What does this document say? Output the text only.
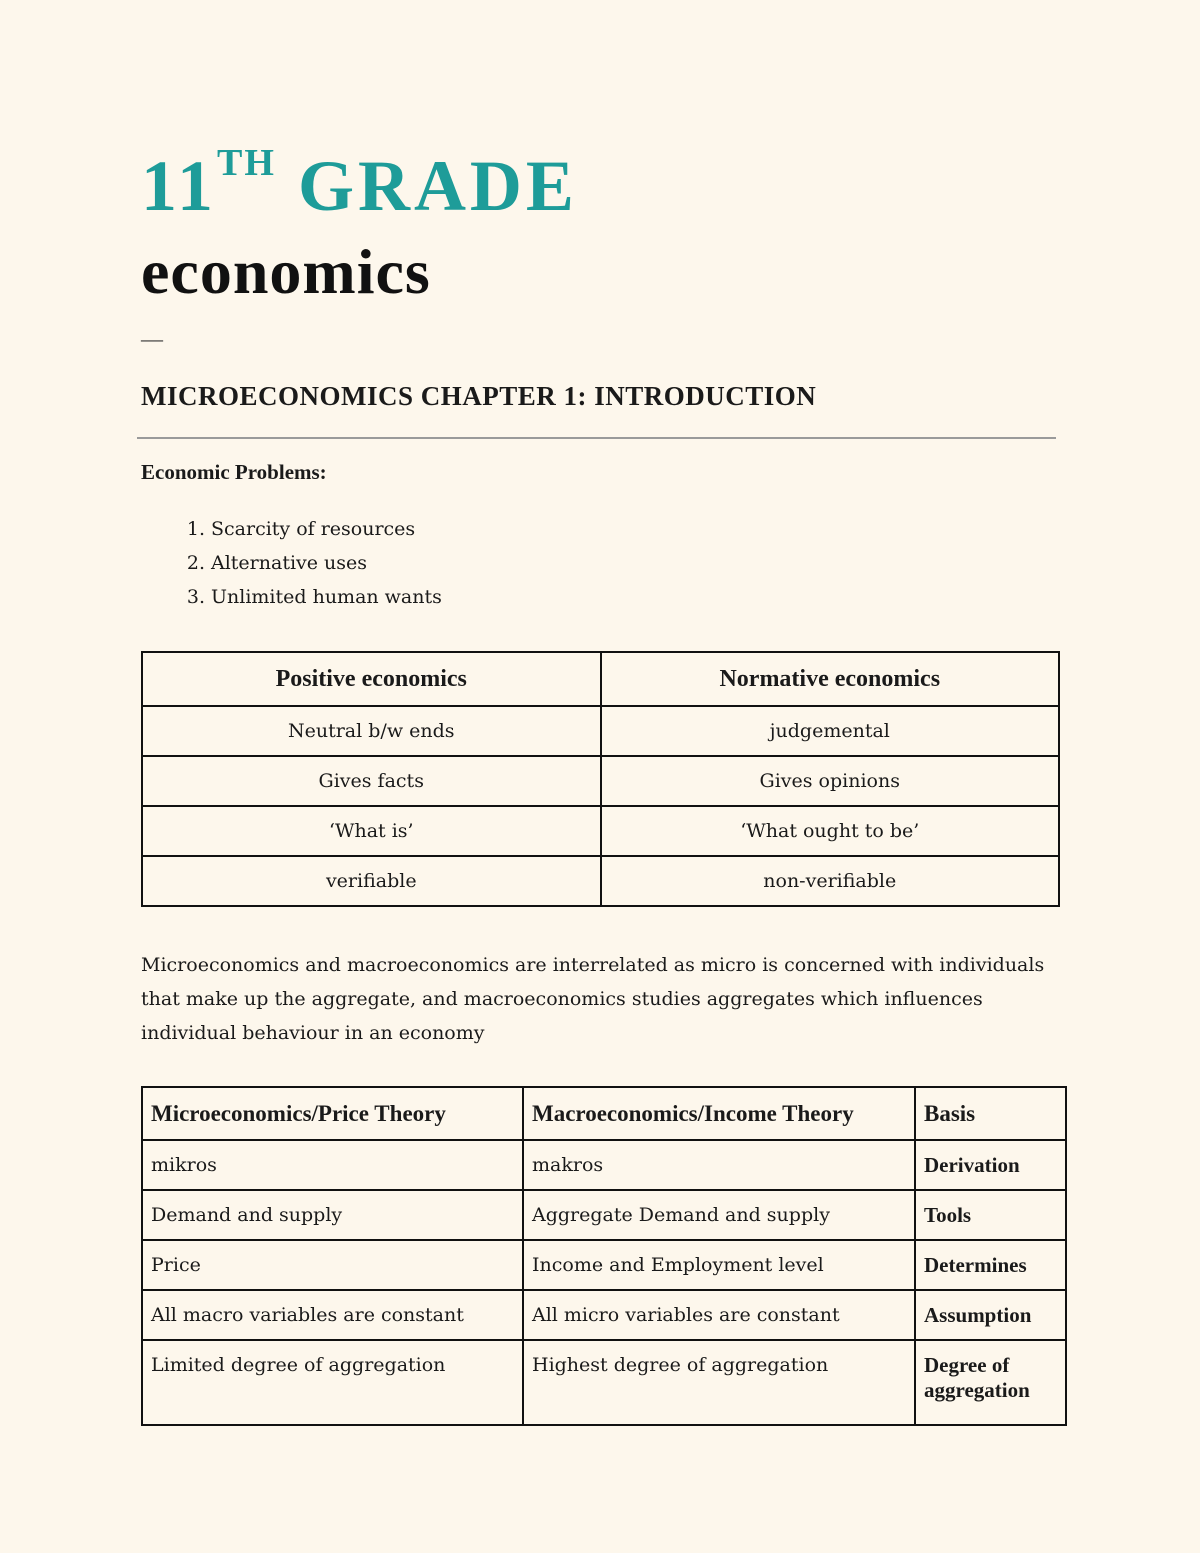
11TH GRADE
economics
—
MICROECONOMICS CHAPTER 1: INTRODUCTION
Economic Problems:
1. Scarcity of resources
2. Alternative uses
3. Unlimited human wants
Positive economics	Normative economics
Neutral b/w ends	judgemental
Gives facts	Gives opinions
‘What is’	‘What ought to be’
verifiable	non-verifiable
Microeconomics and macroeconomics are interrelated as micro is concerned with individuals that make up the aggregate, and macroeconomics studies aggregates which influences individual behaviour in an economy
Microeconomics/Price Theory	Macroeconomics/Income Theory	Basis
mikros	makros	Derivation
Demand and supply	Aggregate Demand and supply	Tools
Price	Income and Employment level	Determines
All macro variables are constant	All micro variables are constant	Assumption
Limited degree of aggregation	Highest degree of aggregation	Degree of aggregation
